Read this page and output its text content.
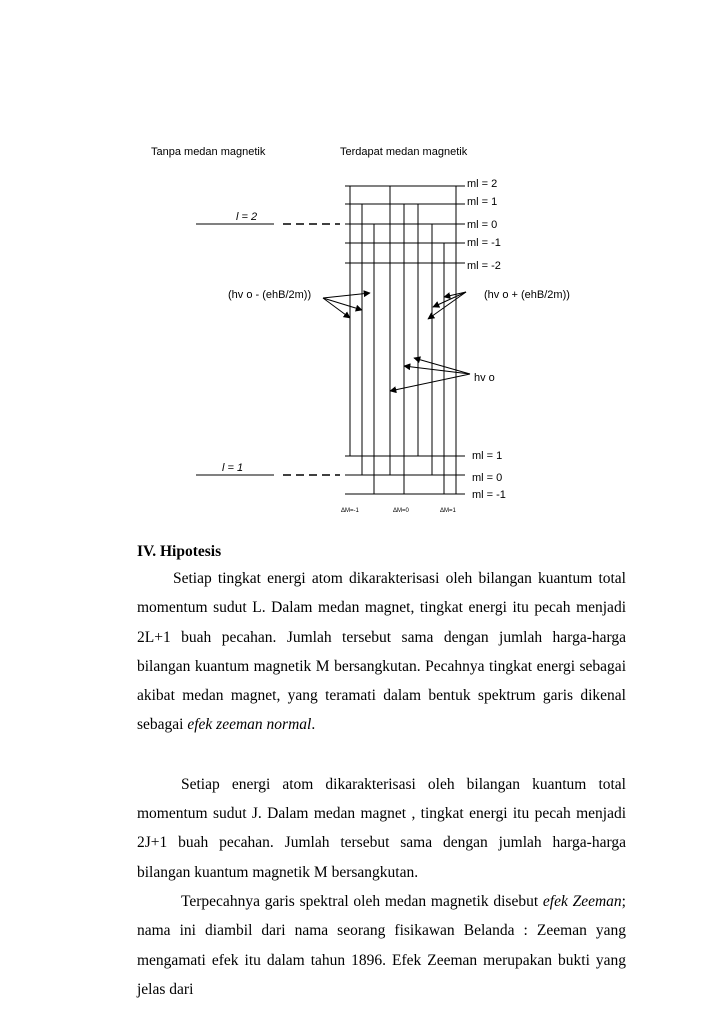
Tanpa medan magnetik	Terdapat medan magnetik
l = 2
l = 1
ml = 2
ml = 1
ml = 0
ml = -1
ml = -2
ml = 1
ml = 0
ml = -1
(hv o - (ehB/2m))	(hv o + (ehB/2m))
hv o
ΔM=-1	ΔM=0	ΔM=1
IV. Hipotesis

Setiap tingkat energi atom dikarakterisasi oleh bilangan kuantum total momentum sudut L. Dalam medan magnet, tingkat energi itu pecah menjadi 2L+1 buah pecahan. Jumlah tersebut sama dengan jumlah harga-harga bilangan kuantum magnetik M bersangkutan. Pecahnya tingkat energi sebagai akibat medan magnet, yang teramati dalam bentuk spektrum garis dikenal sebagai efek zeeman normal.

Setiap energi atom dikarakterisasi oleh bilangan kuantum total momentum sudut J. Dalam medan magnet , tingkat energi itu pecah menjadi 2J+1 buah pecahan. Jumlah tersebut sama dengan jumlah harga-harga bilangan kuantum magnetik M bersangkutan.

Terpecahnya garis spektral oleh medan magnetik disebut efek Zeeman; nama ini diambil dari nama seorang fisikawan Belanda : Zeeman yang mengamati efek itu dalam tahun 1896. Efek Zeeman merupakan bukti yang jelas dari
